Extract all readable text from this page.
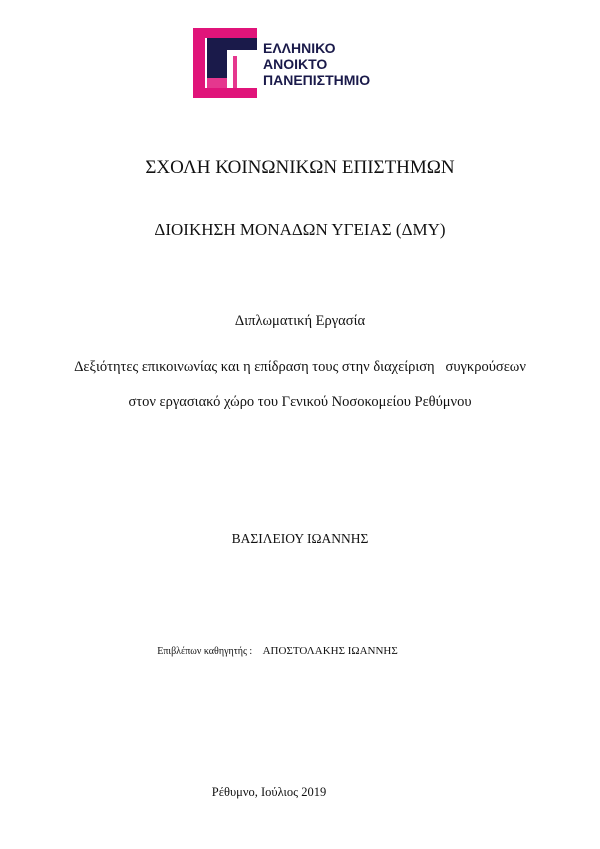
ΕΛΛΗΝΙΚΟ
ΑΝΟΙΚΤΟ
ΠΑΝΕΠΙΣΤΗΜΙΟ
ΣΧΟΛΗ ΚΟΙΝΩΝΙΚΩΝ ΕΠΙΣΤΗΜΩΝ
ΔΙΟΙΚΗΣΗ ΜΟΝΑΔΩΝ ΥΓΕΙΑΣ (ΔΜΥ)
Διπλωματική Εργασία
Δεξιότητες επικοινωνίας και η επίδραση τους στην διαχείριση   συγκρούσεων
στον εργασιακό χώρο του Γενικού Νοσοκομείου Ρεθύμνου
ΒΑΣΙΛΕΙΟΥ ΙΩΑΝΝΗΣ
Επιβλέπων καθηγητής : ΑΠΟΣΤΟΛΑΚΗΣ ΙΩΑΝΝΗΣ
Ρέθυμνο, Ιούλιος 2019
